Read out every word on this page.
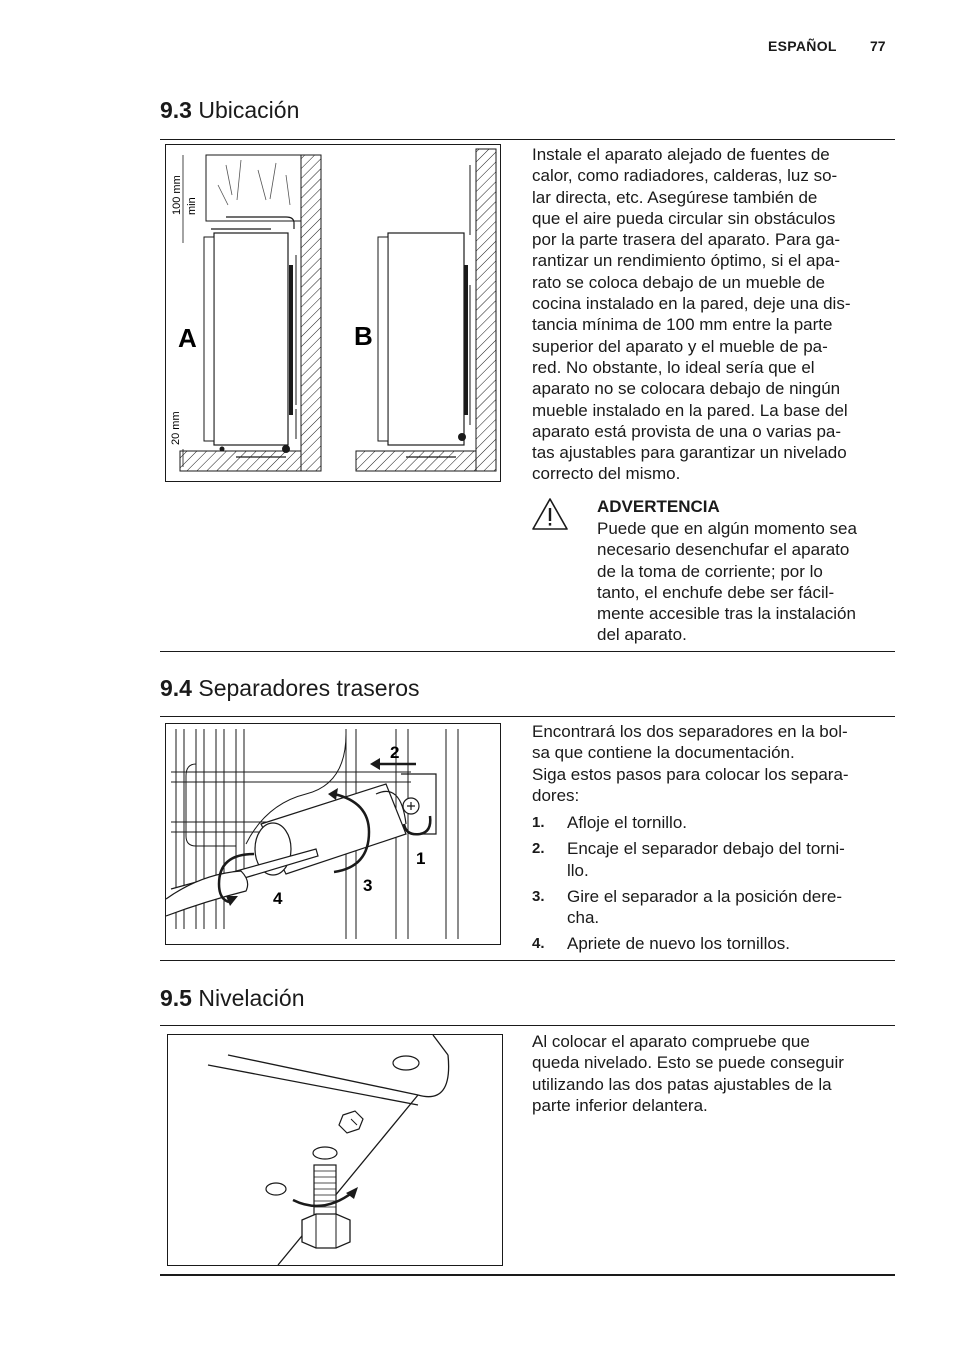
ESPAÑOL 77
9.3 Ubicación
100 mm min
20 mm
A	B
Instale el aparato alejado de fuentes de
calor, como radiadores, calderas, luz so-
lar directa, etc. Asegúrese también de
que el aire pueda circular sin obstáculos
por la parte trasera del aparato. Para ga-
rantizar un rendimiento óptimo, si el apa-
rato se coloca debajo de un mueble de
cocina instalado en la pared, deje una dis-
tancia mínima de 100 mm entre la parte
superior del aparato y el mueble de pa-
red. No obstante, lo ideal sería que el
aparato no se colocara debajo de ningún
mueble instalado en la pared. La base del
aparato está provista de una o varias pa-
tas ajustables para garantizar un nivelado
correcto del mismo.
ADVERTENCIA
Puede que en algún momento sea
necesario desenchufar el aparato
de la toma de corriente; por lo
tanto, el enchufe debe ser fácil-
mente accesible tras la instalación
del aparato.
9.4 Separadores traseros
1
2
3
4
Encontrará los dos separadores en la bol-
sa que contiene la documentación.
Siga estos pasos para colocar los separa-
dores:
1. Afloje el tornillo.
2. Encaje el separador debajo del torni-
llo.
3. Gire el separador a la posición dere-
cha.
4. Apriete de nuevo los tornillos.
9.5 Nivelación
Al colocar el aparato compruebe que
queda nivelado. Esto se puede conseguir
utilizando las dos patas ajustables de la
parte inferior delantera.
